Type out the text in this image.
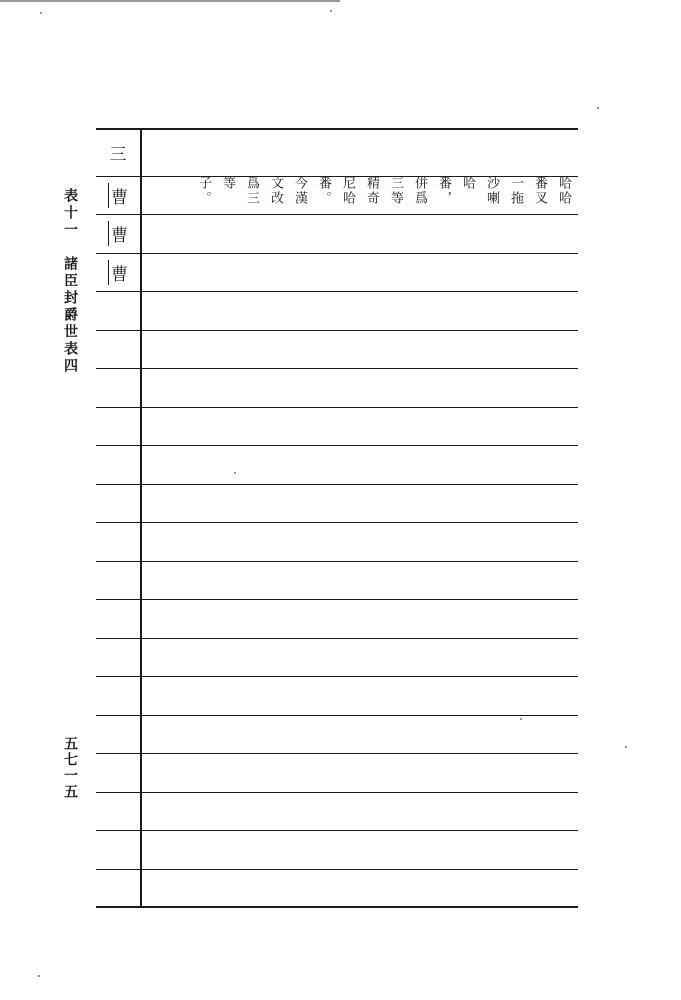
表十一　諸臣封爵世表四
五七一五
三
曹
曹
曹
哈哈番叉一拖沙喇哈番，併爲三等精奇尼哈番。今漢文改爲三等子。
